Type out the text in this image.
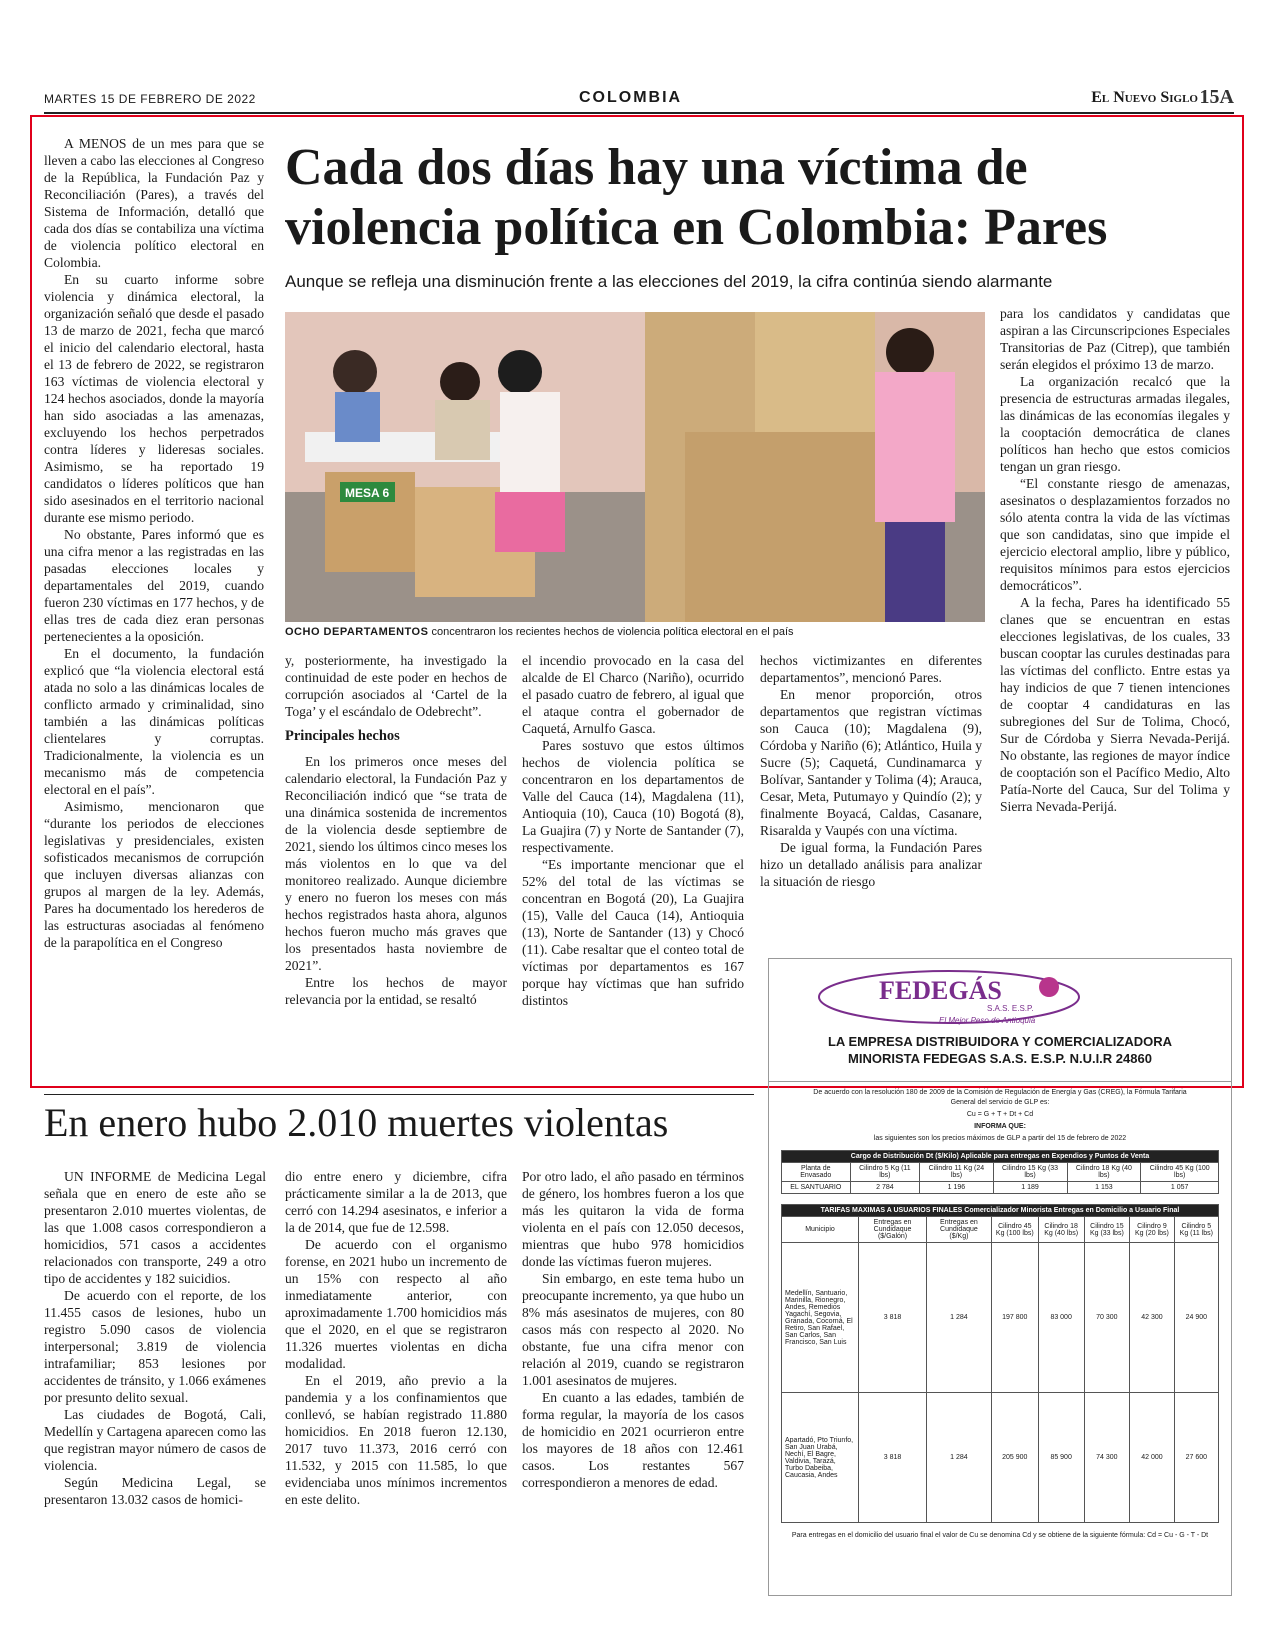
MARTES 15 DE FEBRERO DE 2022	COLOMBIA	El Nuevo Siglo 15A
Cada dos días hay una víctima de violencia política en Colombia: Pares
Aunque se refleja una disminución frente a las elecciones del 2019, la cifra continúa siendo alarmante
MESA 6
OCHO DEPARTAMENTOS concentraron los recientes hechos de violencia política electoral en el país

A MENOS de un mes para que se lleven a cabo las elecciones al Congreso de la República, la Fundación Paz y Reconciliación (Pares), a través del Sistema de Información, detalló que cada dos días se contabiliza una víctima de violencia político electoral en Colombia.

En su cuarto informe sobre violencia y dinámica electoral, la organización señaló que desde el pasado 13 de marzo de 2021, fecha que marcó el inicio del calendario electoral, hasta el 13 de febrero de 2022, se registraron 163 víctimas de violencia electoral y 124 hechos asociados, donde la mayoría han sido asociadas a las amenazas, excluyendo los hechos perpetrados contra líderes y lideresas sociales. Asimismo, se ha reportado 19 candidatos o líderes políticos que han sido asesinados en el territorio nacional durante ese mismo periodo.

No obstante, Pares informó que es una cifra menor a las registradas en las pasadas elecciones locales y departamentales del 2019, cuando fueron 230 víctimas en 177 hechos, y de ellas tres de cada diez eran personas pertenecientes a la oposición.

En el documento, la fundación explicó que “la violencia electoral está atada no solo a las dinámicas locales de conflicto armado y criminalidad, sino también a las dinámicas políticas clientelares y corruptas. Tradicionalmente, la violencia es un mecanismo más de competencia electoral en el país”.

Asimismo, mencionaron que “durante los periodos de elecciones legislativas y presidenciales, existen sofisticados mecanismos de corrupción que incluyen diversas alianzas con grupos al margen de la ley. Además, Pares ha documentado los herederos de las estructuras asociadas al fenómeno de la parapolítica en el Congreso

y, posteriormente, ha investigado la continuidad de este poder en hechos de corrupción asociados al ‘Cartel de la Toga’ y el escándalo de Odebrecht”.

Principales hechos

En los primeros once meses del calendario electoral, la Fundación Paz y Reconciliación indicó que “se trata de una dinámica sostenida de incrementos de la violencia desde septiembre de 2021, siendo los últimos cinco meses los más violentos en lo que va del monitoreo realizado. Aunque diciembre y enero no fueron los meses con más hechos registrados hasta ahora, algunos hechos fueron mucho más graves que los presentados hasta noviembre de 2021”.

Entre los hechos de mayor relevancia por la entidad, se resaltó

el incendio provocado en la casa del alcalde de El Charco (Nariño), ocurrido el pasado cuatro de febrero, al igual que el ataque contra el gobernador de Caquetá, Arnulfo Gasca.

Pares sostuvo que estos últimos hechos de violencia política se concentraron en los departamentos de Valle del Cauca (14), Magdalena (11), Antioquia (10), Cauca (10) Bogotá (8), La Guajira (7) y Norte de Santander (7), respectivamente.

“Es importante mencionar que el 52% del total de las víctimas se concentran en Bogotá (20), La Guajira (15), Valle del Cauca (14), Antioquia (13), Norte de Santander (13) y Chocó (11). Cabe resaltar que el conteo total de víctimas por departamentos es 167 porque hay víctimas que han sufrido distintos

hechos victimizantes en diferentes departamentos”, mencionó Pares.

En menor proporción, otros departamentos que registran víctimas son Cauca (10); Magdalena (9), Córdoba y Nariño (6); Atlántico, Huila y Sucre (5); Caquetá, Cundinamarca y Bolívar, Santander y Tolima (4); Arauca, Cesar, Meta, Putumayo y Quindío (2); y finalmente Boyacá, Caldas, Casanare, Risaralda y Vaupés con una víctima.

De igual forma, la Fundación Pares hizo un detallado análisis para analizar la situación de riesgo

para los candidatos y candidatas que aspiran a las Circunscripciones Especiales Transitorias de Paz (Citrep), que también serán elegidos el próximo 13 de marzo.

La organización recalcó que la presencia de estructuras armadas ilegales, las dinámicas de las economías ilegales y la cooptación democrática de clanes políticos han hecho que estos comicios tengan un gran riesgo.

“El constante riesgo de amenazas, asesinatos o desplazamientos forzados no sólo atenta contra la vida de las víctimas que son candidatas, sino que impide el ejercicio electoral amplio, libre y público, requisitos mínimos para estos ejercicios democráticos”.

A la fecha, Pares ha identificado 55 clanes que se encuentran en estas elecciones legislativas, de los cuales, 33 buscan cooptar las curules destinadas para las víctimas del conflicto. Entre estas ya hay indicios de que 7 tienen intenciones de cooptar 4 candidaturas en las subregiones del Sur de Tolima, Chocó, Sur de Córdoba y Sierra Nevada-Perijá. No obstante, las regiones de mayor índice de cooptación son el Pacífico Medio, Alto Patía-Norte del Cauca, Sur del Tolima y Sierra Nevada-Perijá.

FEDEGÁS
S.A.S. E.S.P.
El Mejor Peso de Antioquia
LA EMPRESA DISTRIBUIDORA Y COMERCIALIZADORA
MINORISTA FEDEGAS S.A.S. E.S.P. N.U.I.R 24860
De acuerdo con la resolución 180 de 2009 de la Comisión de Regulación de Energía y Gas (CREG), la Fórmula Tarifaria General del servicio de GLP es:
Cu = G + T + Dt + Cd
INFORMA QUE:
las siguientes son los precios máximos de GLP a partir del 15 de febrero de 2022
Cargo de Distribución Dt ($/Kilo) Aplicable para entregas en Expendios y Puntos de Venta					
Planta de Envasado	Cilindro 5 Kg (11 lbs)	Cilindro 11 Kg (24 lbs)	Cilindro 15 Kg (33 lbs)	Cilindro 18 Kg (40 lbs)	Cilindro 45 Kg (100 lbs)
EL SANTUARIO	2 784	1 196	1 189	1 153	1 057
TARIFAS MAXIMAS A USUARIOS FINALES Comercializador Minorista Entregas en Domicilio a Usuario Final							
Municipio	Entregas en Cundidaque ($/Galón)	Entregas en Cundidaque ($/Kg)	Cilindro 45 Kg (100 lbs)	Cilindro 18 Kg (40 lbs)	Cilindro 15 Kg (33 lbs)	Cilindro 9 Kg (20 lbs)	Cilindro 5 Kg (11 lbs)
Medellín, Santuario, Marinilla, Rionegro, Andes, Remedios Yagachí, Segovia, Granada, Cocorná, El Retiro, San Rafael, San Carlos, San Francisco, San Luis	3 818	1 284	197 800	83 000	70 300	42 300	24 900
Apartadó, Pto Triunfo, San Juan Urabá, Nechí, El Bagre, Valdivia, Tarazá, Turbo Dabeiba, Caucasia, Andes	3 818	1 284	205 900	85 900	74 300	42 000	27 600
Para entregas en el domicilio del usuario final el valor de Cu se denomina Cd y se obtiene de la siguiente fórmula: Cd = Cu - G - T - Dt
En enero hubo 2.010 muertes violentas

UN INFORME de Medicina Legal señala que en enero de este año se presentaron 2.010 muertes violentas, de las que 1.008 casos correspondieron a homicidios, 571 casos a accidentes relacionados con transporte, 249 a otro tipo de accidentes y 182 suicidios.

De acuerdo con el reporte, de los 11.455 casos de lesiones, hubo un registro 5.090 casos de violencia interpersonal; 3.819 de violencia intrafamiliar; 853 lesiones por accidentes de tránsito, y 1.066 exámenes por presunto delito sexual.

Las ciudades de Bogotá, Cali, Medellín y Cartagena aparecen como las que registran mayor número de casos de violencia.

Según Medicina Legal, se presentaron 13.032 casos de homici-

dio entre enero y diciembre, cifra prácticamente similar a la de 2013, que cerró con 14.294 asesinatos, e inferior a la de 2014, que fue de 12.598.

De acuerdo con el organismo forense, en 2021 hubo un incremento de un 15% con respecto al año inmediatamente anterior, con aproximadamente 1.700 homicidios más que el 2020, en el que se registraron 11.326 muertes violentas en dicha modalidad.

En el 2019, año previo a la pandemia y a los confinamientos que conllevó, se habían registrado 11.880 homicidios. En 2018 fueron 12.130, 2017 tuvo 11.373, 2016 cerró con 11.532, y 2015 con 11.585, lo que evidenciaba unos mínimos incrementos en este delito.

Por otro lado, el año pasado en términos de género, los hombres fueron a los que más les quitaron la vida de forma violenta en el país con 12.050 decesos, mientras que hubo 978 homicidios donde las víctimas fueron mujeres.

Sin embargo, en este tema hubo un preocupante incremento, ya que hubo un 8% más asesinatos de mujeres, con 80 casos más con respecto al 2020. No obstante, fue una cifra menor con relación al 2019, cuando se registraron 1.001 asesinatos de mujeres.

En cuanto a las edades, también de forma regular, la mayoría de los casos de homicidio en 2021 ocurrieron entre los mayores de 18 años con 12.461 casos. Los restantes 567 correspondieron a menores de edad.
